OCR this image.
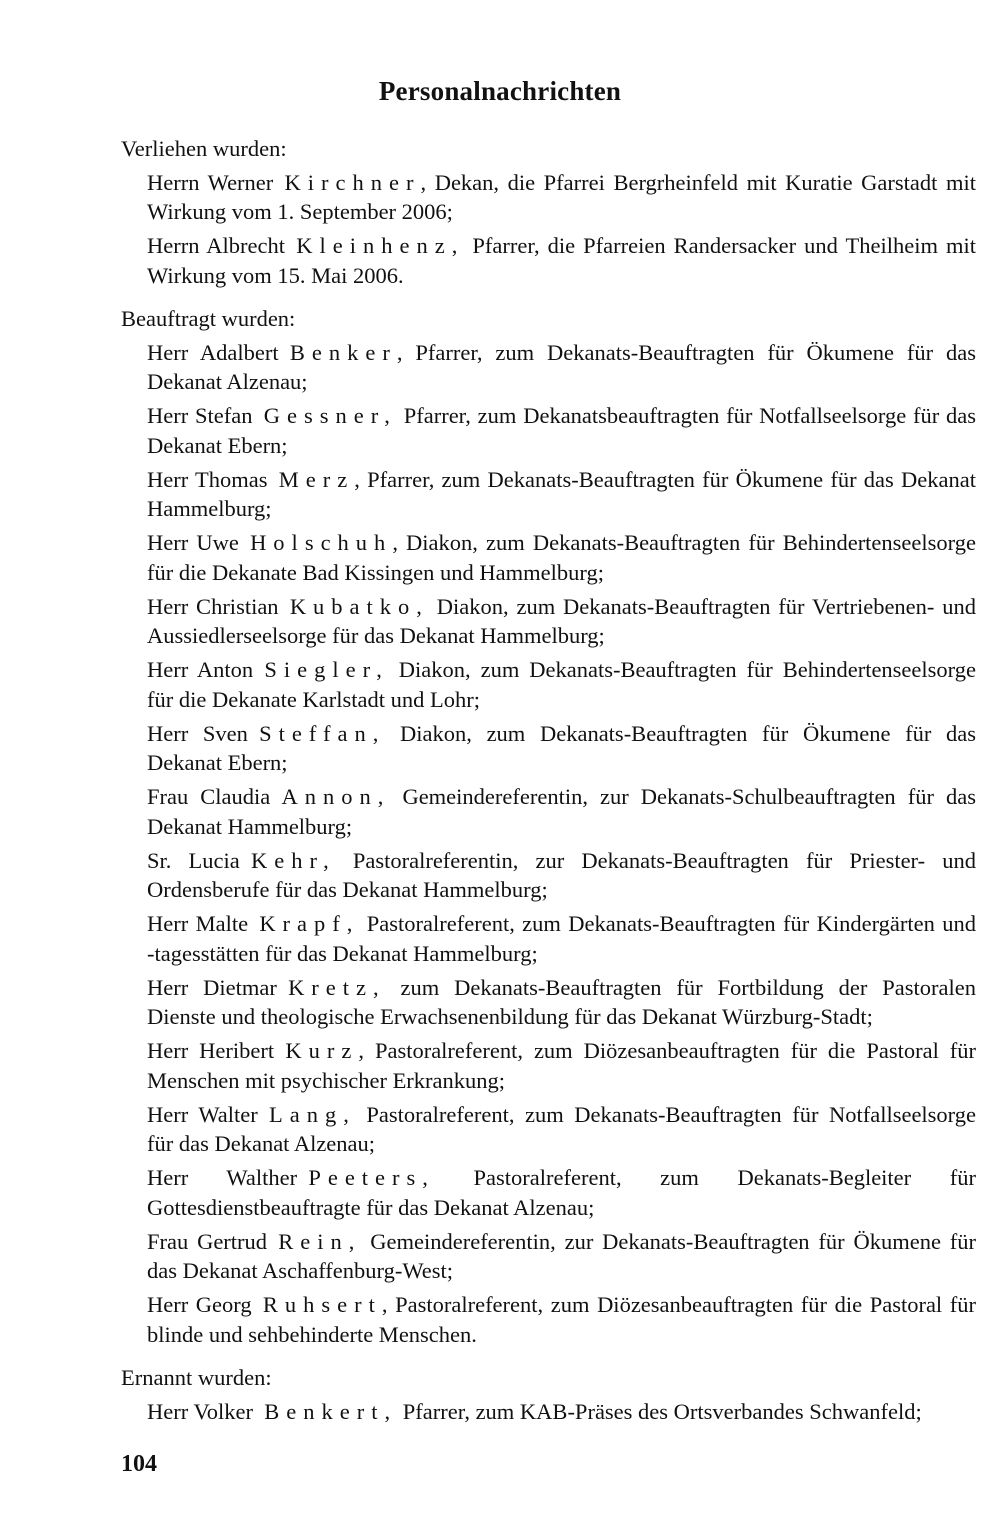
Personalnachrichten
Verliehen wurden:
Herrn Werner  Kirchner, Dekan, die Pfarrei Bergrheinfeld mit Kuratie Garstadt mit Wirkung vom 1. September 2006;
Herrn Albrecht  Kleinhenz, Pfarrer, die Pfarreien Randersacker und Theilheim mit Wirkung vom 15. Mai 2006.
Beauftragt wurden:
Herr Adalbert  Benker, Pfarrer, zum Dekanats-Beauftragten für Ökumene für das Dekanat Alzenau;
Herr Stefan  Gessner, Pfarrer, zum Dekanatsbeauftragten für Notfallseelsorge für das Dekanat Ebern;
Herr Thomas  Merz, Pfarrer, zum Dekanats-Beauftragten für Ökumene für das Dekanat Hammelburg;
Herr Uwe  Holschuh, Diakon, zum Dekanats-Beauftragten für Behindertenseelsorge für die Dekanate Bad Kissingen und Hammelburg;
Herr Christian  Kubatko, Diakon, zum Dekanats-Beauftragten für Vertriebenen- und Aussiedlerseelsorge für das Dekanat Hammelburg;
Herr Anton  Siegler, Diakon, zum Dekanats-Beauftragten für Behindertenseelsorge für die Dekanate Karlstadt und Lohr;
Herr Sven  Steffan, Diakon, zum Dekanats-Beauftragten für Ökumene für das Dekanat Ebern;
Frau Claudia  Annon, Gemeindereferentin, zur Dekanats-Schulbeauftragten für das Dekanat Hammelburg;
Sr. Lucia  Kehr, Pastoralreferentin, zur Dekanats-Beauftragten für Priester- und Ordensberufe für das Dekanat Hammelburg;
Herr Malte  Krapf, Pastoralreferent, zum Dekanats-Beauftragten für Kindergärten und -tagesstätten für das Dekanat Hammelburg;
Herr Dietmar  Kretz, zum Dekanats-Beauftragten für Fortbildung der Pastoralen Dienste und theologische Erwachsenenbildung für das Dekanat Würzburg-Stadt;
Herr Heribert  Kurz, Pastoralreferent, zum Diözesanbeauftragten für die Pastoral für Menschen mit psychischer Erkrankung;
Herr Walter  Lang, Pastoralreferent, zum Dekanats-Beauftragten für Notfallseelsorge für das Dekanat Alzenau;
Herr Walther  Peeters, Pastoralreferent, zum Dekanats-Begleiter für Gottesdienstbeauftragte für das Dekanat Alzenau;
Frau Gertrud  Rein, Gemeindereferentin, zur Dekanats-Beauftragten für Ökumene für das Dekanat Aschaffenburg-West;
Herr Georg  Ruhsert, Pastoralreferent, zum Diözesanbeauftragten für die Pastoral für blinde und sehbehinderte Menschen.
Ernannt wurden:
Herr Volker  Benkert, Pfarrer, zum KAB-Präses des Ortsverbandes Schwanfeld;
104
